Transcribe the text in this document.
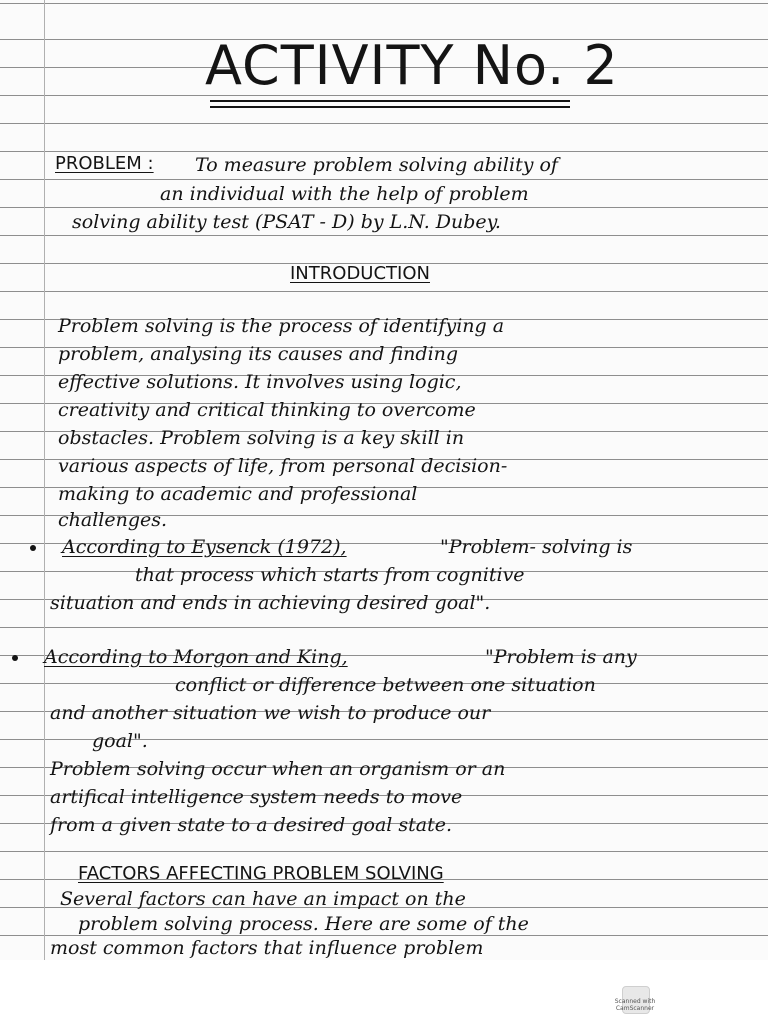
ACTIVITY No. 2
PROBLEM : To measure problem solving ability of
an individual with the help of problem
solving ability test (PSAT - D) by L.N. Dubey.
INTRODUCTION
Problem solving is the process of identifying a
problem, analysing its causes and finding
effective solutions. It involves using logic,
creativity and critical thinking to overcome
obstacles. Problem solving is a key skill in
various aspects of life, from personal decision-
making to academic and professional
challenges.
According to Eysenck (1972),	"Problem- solving is
that process which starts from cognitive
situation and ends in achieving desired goal".
According to Morgon and King,	"Problem is any
conflict or difference between one situation
and another situation we wish to produce our
goal".
Problem solving occur when an organism or an
artifical intelligence system needs to move
from a given state to a desired goal state.
FACTORS AFFECTING PROBLEM SOLVING
Several factors can have an impact on the
problem solving process. Here are some of the
most common factors that influence problem
Scanned with CamScanner
